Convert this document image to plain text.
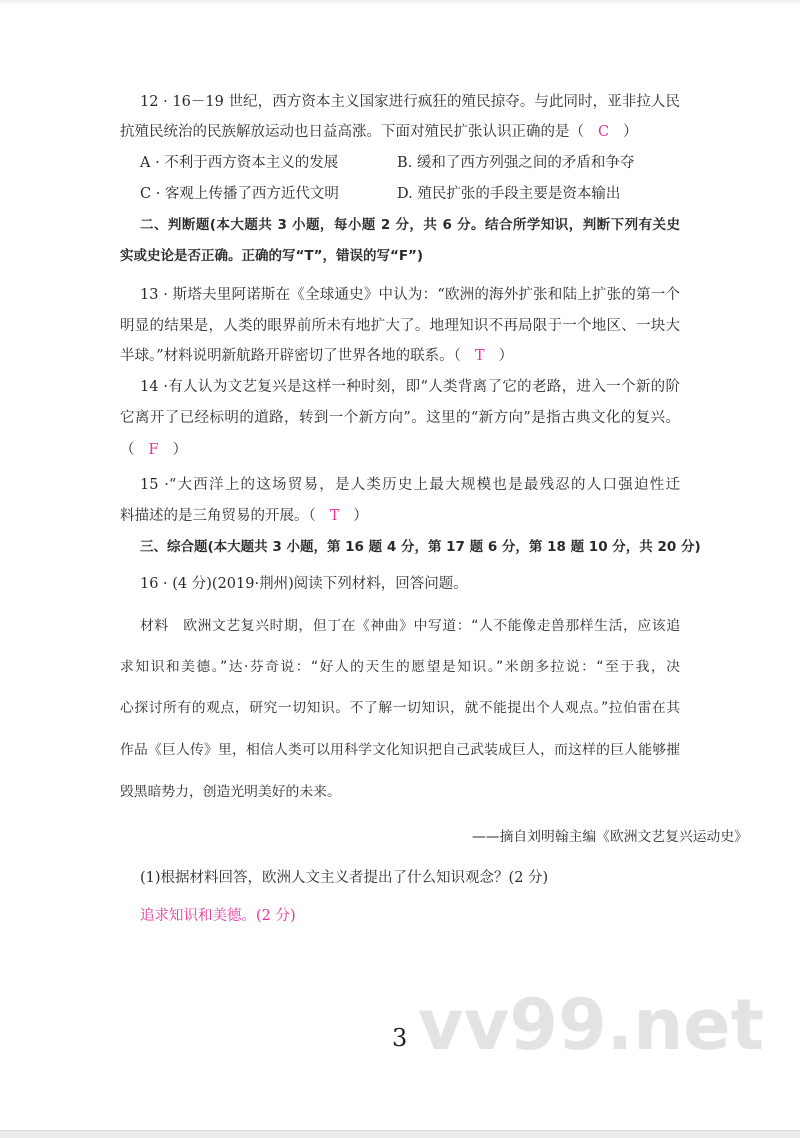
12 · 16－19 世纪，西方资本主义国家进行疯狂的殖民掠夺。与此同时，亚非拉人民
抗殖民统治的民族解放运动也日益高涨。下面对殖民扩张认识正确的是（ C ）
A · 不利于西方资本主义的发展	B. 缓和了西方列强之间的矛盾和争夺
C · 客观上传播了西方近代文明	D. 殖民扩张的手段主要是资本输出
二、判断题(本大题共 3 小题，每小题 2 分，共 6 分。结合所学知识，判断下列有关史
实或史论是否正确。正确的写“T”，错误的写“F”)
13 · 斯塔夫里阿诺斯在《全球通史》中认为：“欧洲的海外扩张和陆上扩张的第一个
明显的结果是，人类的眼界前所未有地扩大了。地理知识不再局限于一个地区、一块大
半球。”材料说明新航路开辟密切了世界各地的联系。（ T ）
14 ·有人认为文艺复兴是这样一种时刻，即“人类背离了它的老路，进入一个新的阶
它离开了已经标明的道路，转到一个新方向”。这里的“新方向”是指古典文化的复兴。
（ F ）
15 ·“大西洋上的这场贸易，是人类历史上最大规模也是最残忍的人口强迫性迁
料描述的是三角贸易的开展。（ T ）
三、综合题(本大题共 3 小题，第 16 题 4 分，第 17 题 6 分，第 18 题 10 分，共 20 分)
16 · (4 分)(2019·荆州)阅读下列材料，回答问题。
材料　欧洲文艺复兴时期，但丁在《神曲》中写道：“人不能像走兽那样生活，应该追
求知识和美德。”达·芬奇说：“好人的天生的愿望是知识。”米朗多拉说：“至于我，决
心探讨所有的观点，研究一切知识。不了解一切知识，就不能提出个人观点。”拉伯雷在其
作品《巨人传》里，相信人类可以用科学文化知识把自己武装成巨人，而这样的巨人能够摧
毁黑暗势力，创造光明美好的未来。
——摘自刘明翰主编《欧洲文艺复兴运动史》
(1)根据材料回答，欧洲人文主义者提出了什么知识观念？(2 分)
追求知识和美德。(2 分)
vv99.net
3
